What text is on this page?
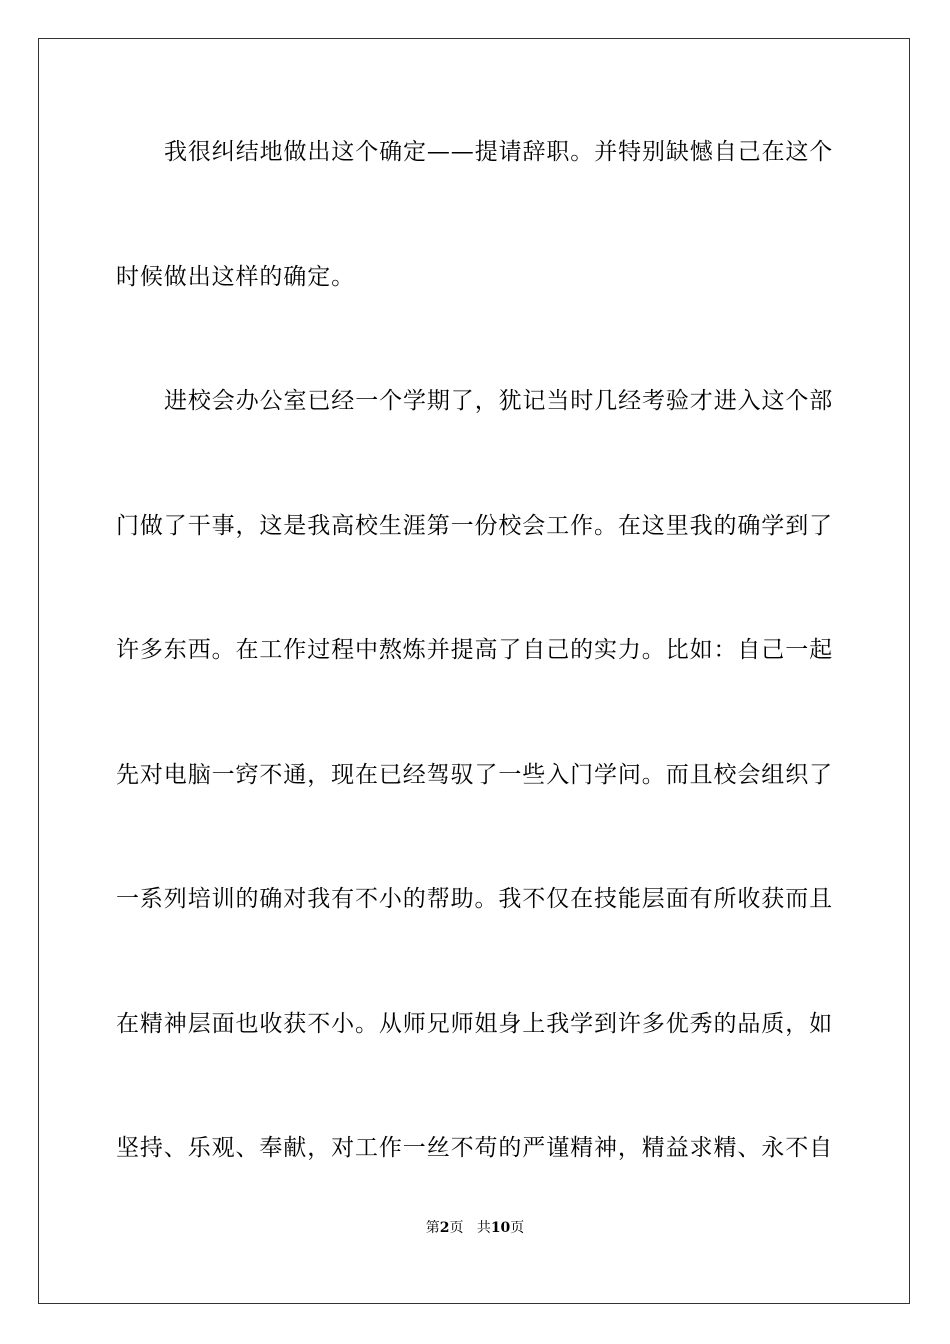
我很纠结地做出这个确定——提请辞职。并特别缺憾自己在这个
时候做出这样的确定。
进校会办公室已经一个学期了，犹记当时几经考验才进入这个部
门做了干事，这是我高校生涯第一份校会工作。在这里我的确学到了
许多东西。在工作过程中熬炼并提高了自己的实力。比如：自己一起
先对电脑一窍不通，现在已经驾驭了一些入门学问。而且校会组织了
一系列培训的确对我有不小的帮助。我不仅在技能层面有所收获而且
在精神层面也收获不小。从师兄师姐身上我学到许多优秀的品质，如
坚持、乐观、奉献，对工作一丝不苟的严谨精神，精益求精、永不自
第2页 共10页
